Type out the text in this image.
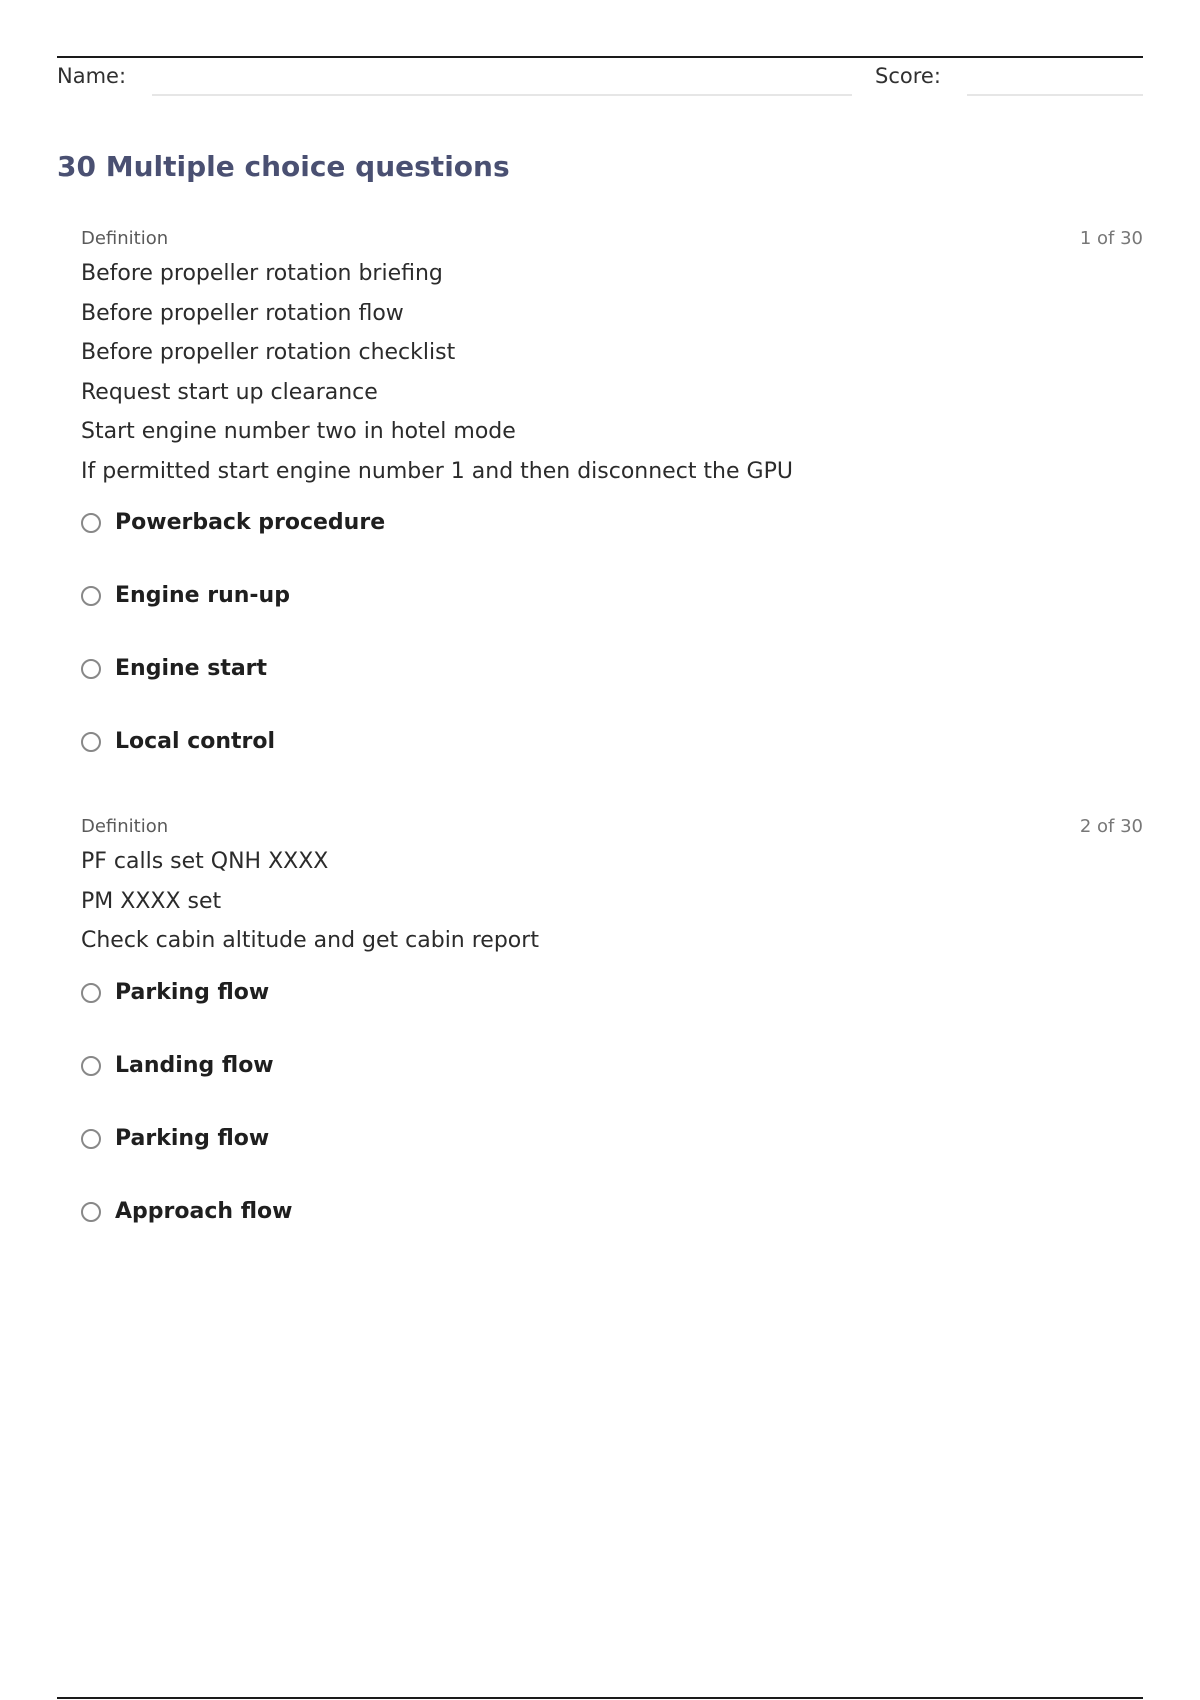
Name:	Score:
30 Multiple choice questions
Definition	1 of 30
Before propeller rotation briefing
Before propeller rotation flow
Before propeller rotation checklist
Request start up clearance
Start engine number two in hotel mode
If permitted start engine number 1 and then disconnect the GPU
Powerback procedure
Engine run-up
Engine start
Local control
Definition	2 of 30
PF calls set QNH XXXX
PM XXXX set
Check cabin altitude and get cabin report
Parking flow
Landing flow
Parking flow
Approach flow
